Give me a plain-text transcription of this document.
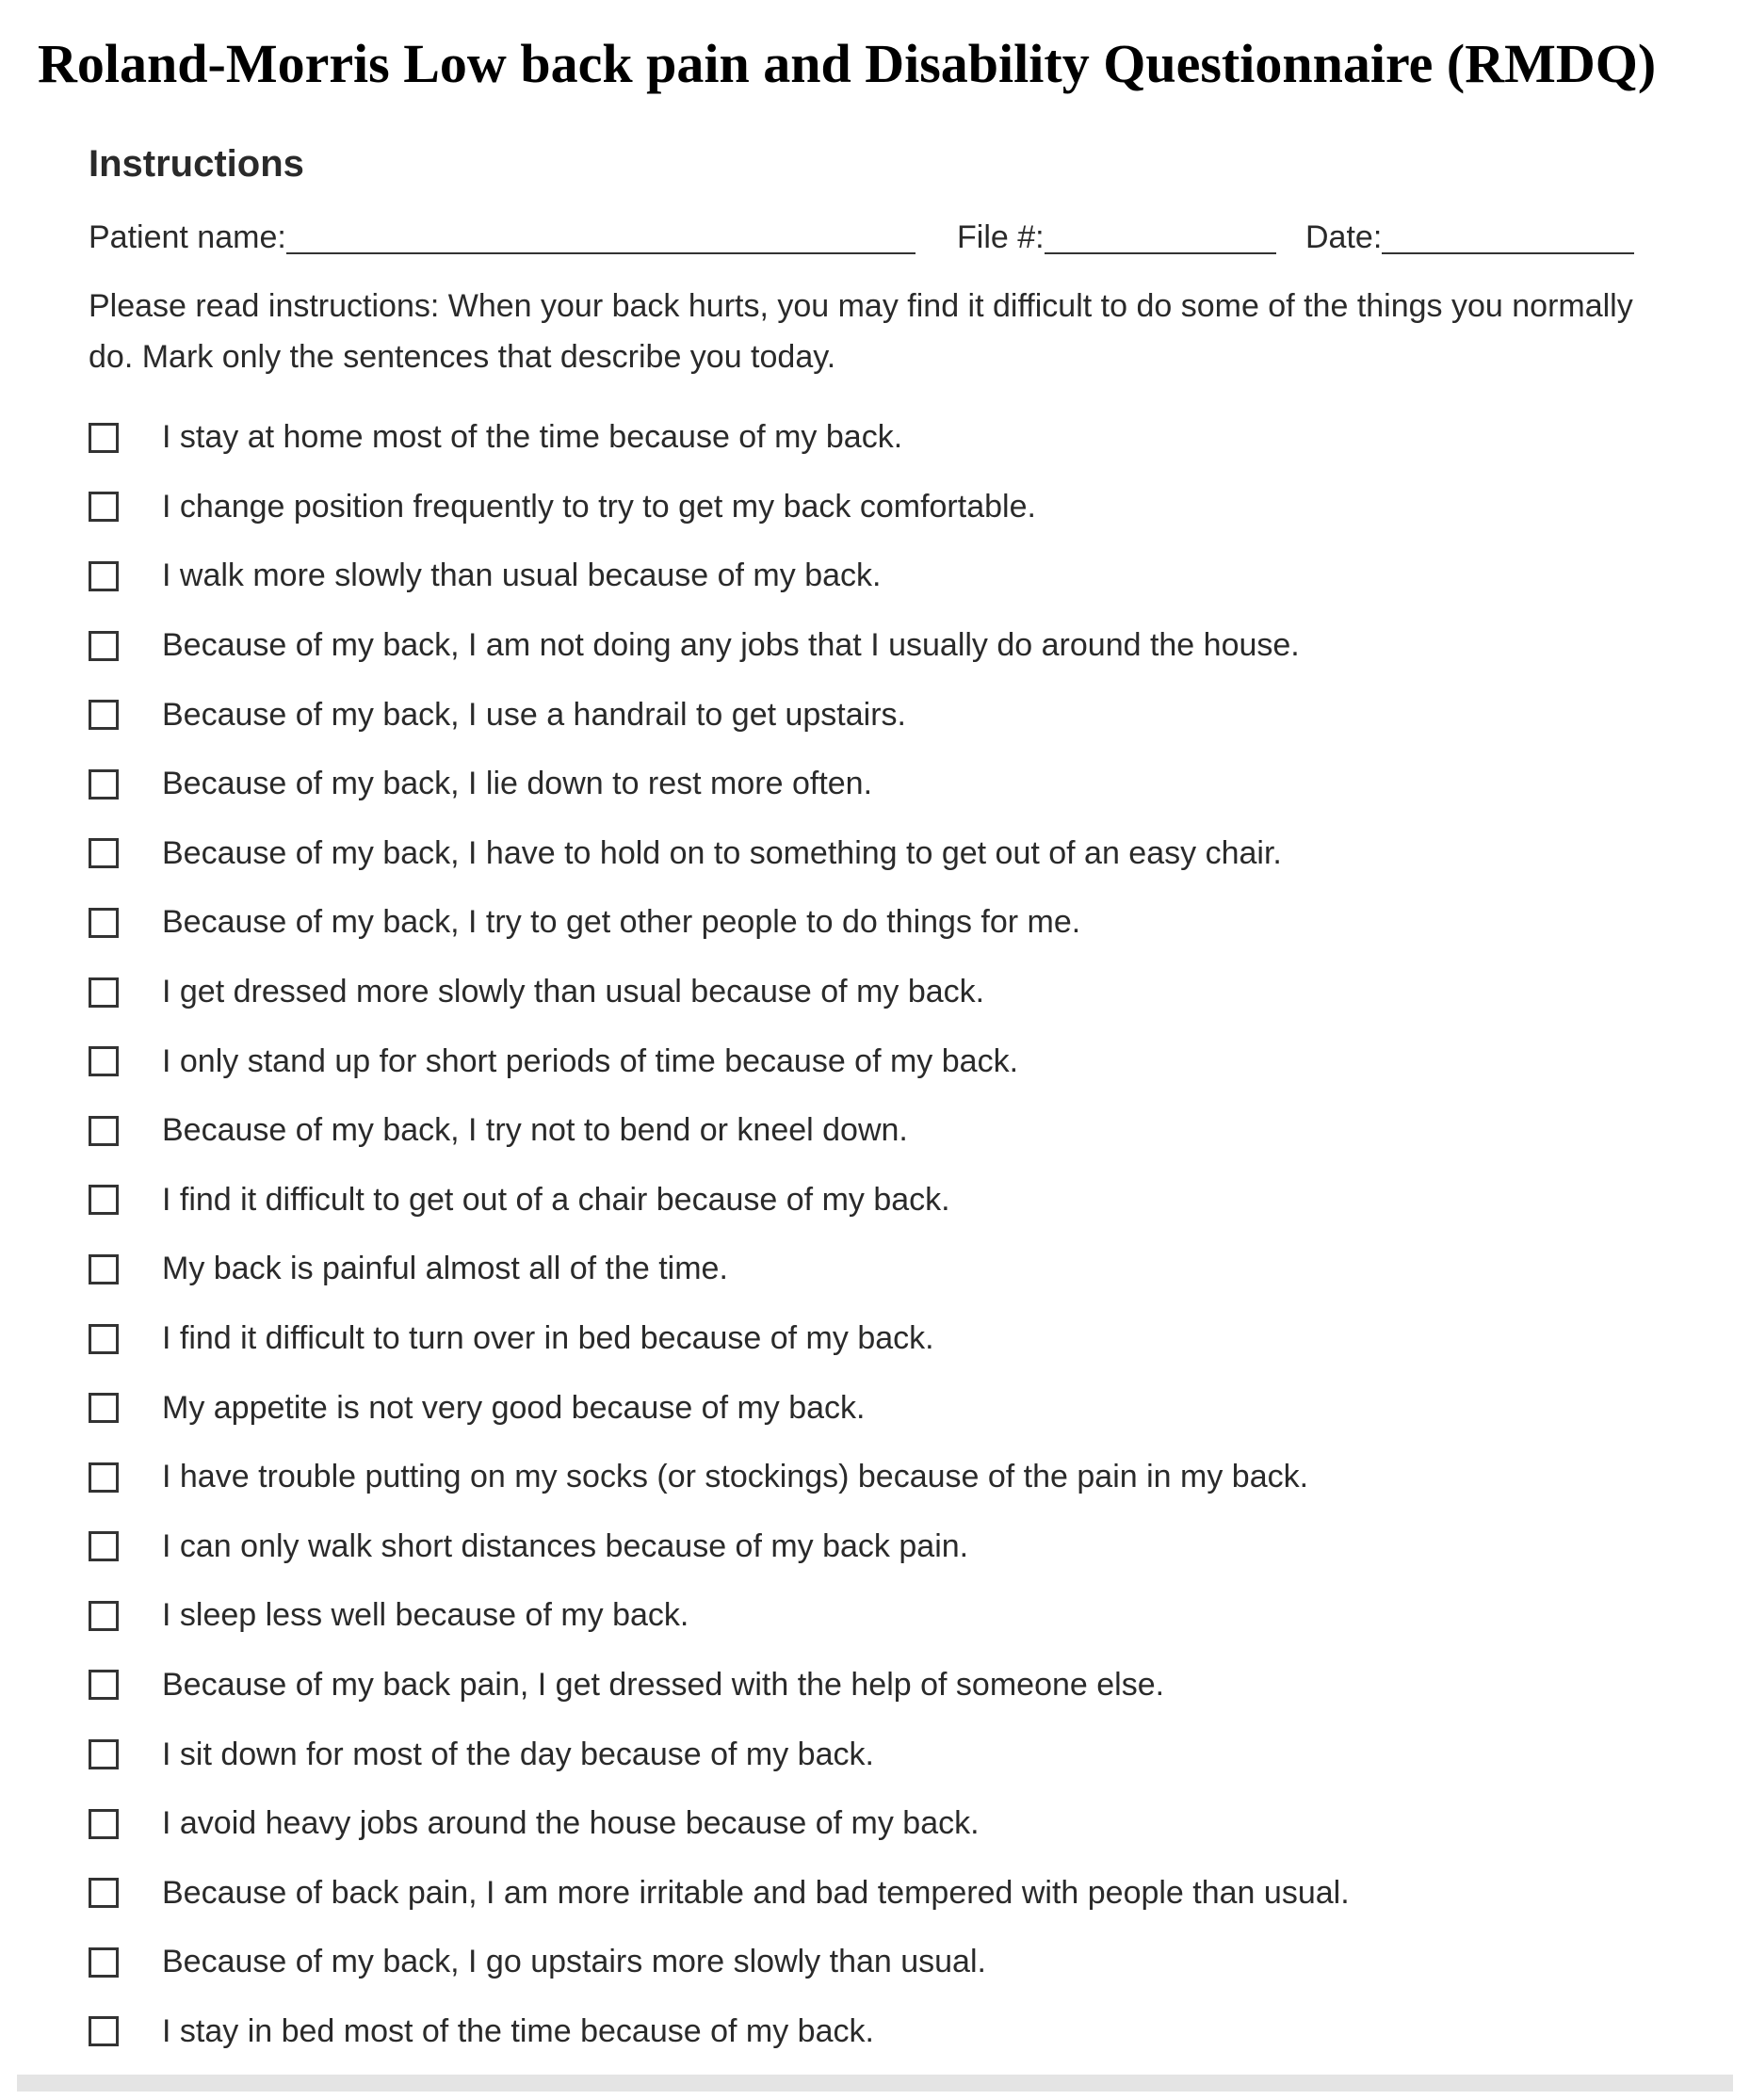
Roland-Morris Low back pain and Disability Questionnaire (RMDQ)
Instructions
Patient name:	File #:	Date:

Please read instructions: When your back hurts, you may find it difficult to do some of the things you normally do. Mark only the sentences that describe you today.

I stay at home most of the time because of my back.
I change position frequently to try to get my back comfortable.
I walk more slowly than usual because of my back.
Because of my back, I am not doing any jobs that I usually do around the house.
Because of my back, I use a handrail to get upstairs.
Because of my back, I lie down to rest more often.
Because of my back, I have to hold on to something to get out of an easy chair.
Because of my back, I try to get other people to do things for me.
I get dressed more slowly than usual because of my back.
I only stand up for short periods of time because of my back.
Because of my back, I try not to bend or kneel down.
I find it difficult to get out of a chair because of my back.
My back is painful almost all of the time.
I find it difficult to turn over in bed because of my back.
My appetite is not very good because of my back.
I have trouble putting on my socks (or stockings) because of the pain in my back.
I can only walk short distances because of my back pain.
I sleep less well because of my back.
Because of my back pain, I get dressed with the help of someone else.
I sit down for most of the day because of my back.
I avoid heavy jobs around the house because of my back.
Because of back pain, I am more irritable and bad tempered with people than usual.
Because of my back, I go upstairs more slowly than usual.
I stay in bed most of the time because of my back.
